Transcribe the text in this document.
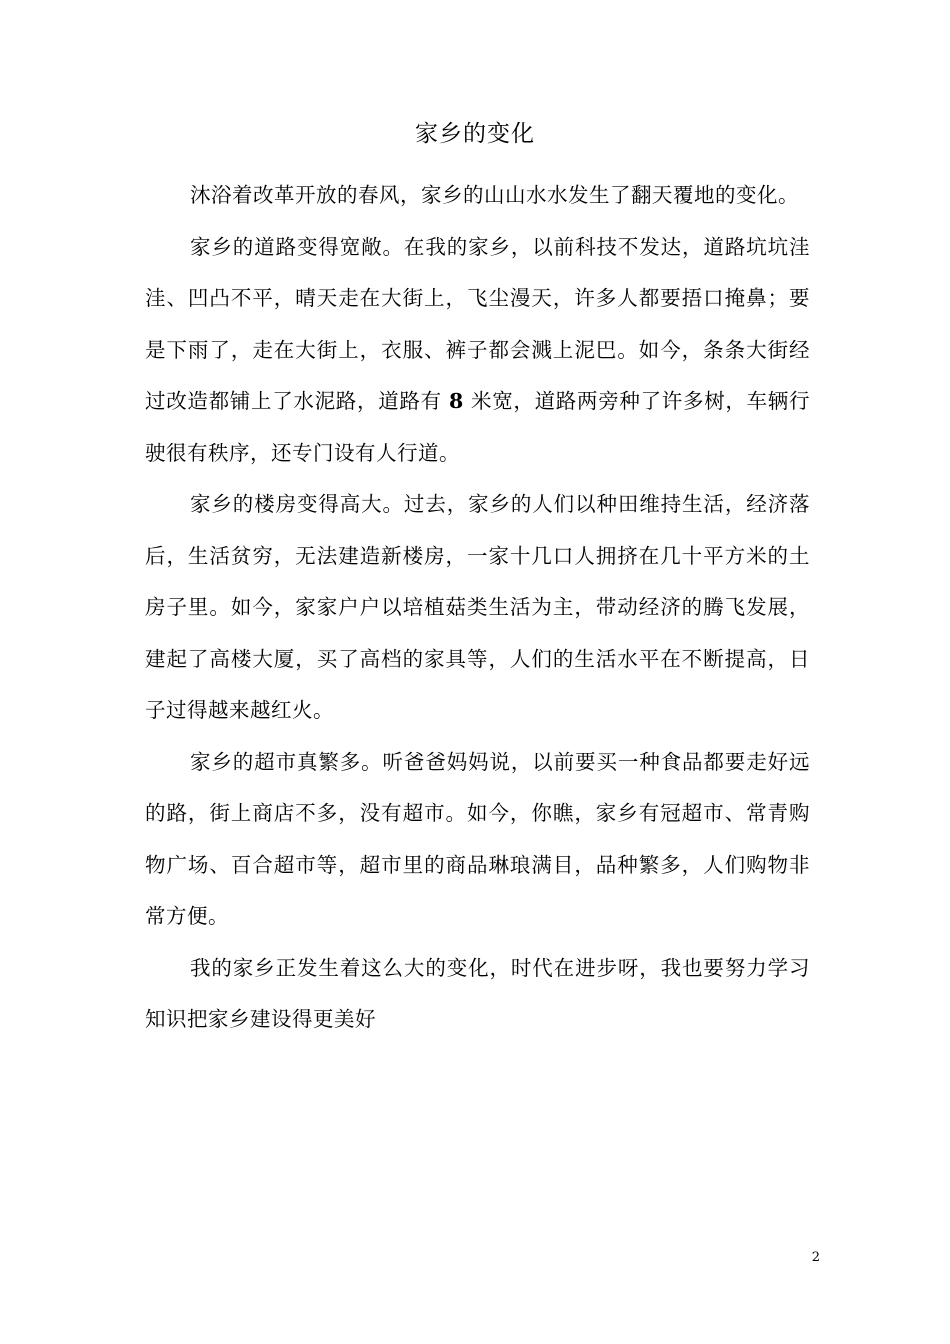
家乡的变化

沐浴着改革开放的春风，家乡的山山水水发生了翻天覆地的变化。

家乡的道路变得宽敞。在我的家乡，以前科技不发达，道路坑坑洼洼、凹凸不平，晴天走在大街上，飞尘漫天，许多人都要捂口掩鼻；要是下雨了，走在大街上，衣服、裤子都会溅上泥巴。如今，条条大街经过改造都铺上了水泥路，道路有 8 米宽，道路两旁种了许多树，车辆行驶很有秩序，还专门设有人行道。

家乡的楼房变得高大。过去，家乡的人们以种田维持生活，经济落后，生活贫穷，无法建造新楼房，一家十几口人拥挤在几十平方米的土房子里。如今，家家户户以培植菇类生活为主，带动经济的腾飞发展，建起了高楼大厦，买了高档的家具等，人们的生活水平在不断提高，日子过得越来越红火。

家乡的超市真繁多。听爸爸妈妈说，以前要买一种食品都要走好远的路，街上商店不多，没有超市。如今，你瞧，家乡有冠超市、常青购物广场、百合超市等，超市里的商品琳琅满目，品种繁多，人们购物非常方便。

我的家乡正发生着这么大的变化，时代在进步呀，我也要努力学习知识把家乡建设得更美好

2
